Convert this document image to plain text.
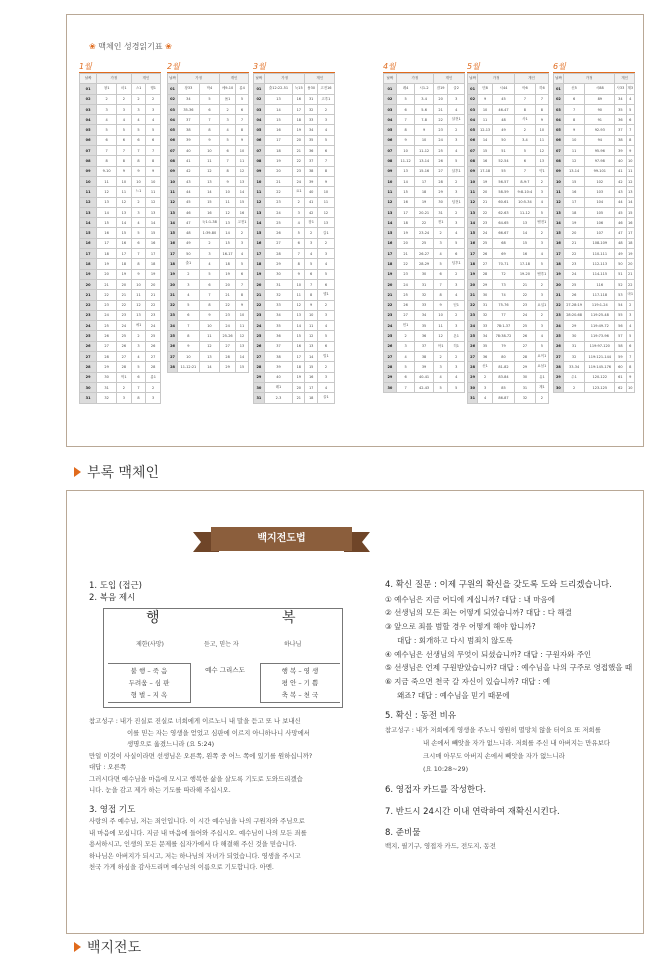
❀ 맥체인 성경읽기표 ❀
1월
날짜	가정		개인	
01	창1	마1	스1	행1
02	2	2	2	2
03	3	3	3	3
04	4	4	4	4
05	5	5	5	5
06	6	6	6	6
07	7	7	7	7
08	8	8	8	8
09	9-10	9	9	9
10	11	10	10	10
11	12	11	느1	11
12	13	12	2	12
13	14	13	3	13
14	15	14	4	14
15	16	15	5	15
16	17	16	6	16
17	18	17	7	17
18	19	18	8	18
19	20	19	9	19
20	21	20	10	20
21	22	21	11	21
22	23	22	12	22
23	24	23	13	23
24	25	24	에1	24
25	26	25	2	25
26	27	26	3	26
27	28	27	4	27
28	29	28	5	28
29	30	막1	6	롬1
30	31	2	7	2
31	32	3	8	3
2월
날짜	가정		개인	
01	창33	막4	에9-10	롬4
02	34	5	욥1	5
03	35-36	6	2	6
04	37	7	3	7
05	38	8	4	8
06	39	9	5	9
07	40	10	6	10
08	41	11	7	11
09	42	12	8	12
10	43	13	9	13
11	44	14	10	14
12	45	15	11	15
13	46	16	12	16
14	47	눅1:1-38	13	고전1
15	48	1:39-80	14	2
16	49	2	15	3
17	50	3	16-17	4
18	출1	4	18	5
19	2	5	19	6
20	3	6	20	7
21	4	7	21	8
22	5	8	22	9
23	6	9	23	10
24	7	10	24	11
25	8	11	25-26	12
26	9	12	27	13
27	10	13	28	14
28	11-12:21	14	29	15
3월
날짜	가정		개인	
01	출12:22-51	눅15	욥30	고전16
02	13	16	31	고후1
03	14	17	32	2
04	15	18	33	3
05	16	19	34	4
06	17	20	35	5
07	18	21	36	6
08	19	22	37	7
09	20	23	38	8
10	21	24	39	9
11	22	요1	40	10
12	23	2	41	11
13	24	3	42	12
14	25	4	잠1	13
15	26	5	2	갈1
16	27	6	3	2
17	28	7	4	3
18	29	8	5	4
19	30	9	6	5
20	31	10	7	6
21	32	11	8	엡1
22	33	12	9	2
23	34	13	10	3
24	35	14	11	4
25	36	15	12	5
26	37	16	13	6
27	38	17	14	빌1
28	39	18	15	2
29	40	19	16	3
30	레1	20	17	4
31	2-3	21	18	골1
4월
날짜	가정		개인	
01	레4	시1-2	잠19	골2
02	5	3-4	20	3
03	6	5-6	21	4
04	7	7-8	22	살전1
05	8	9	23	2
06	9	10	24	3
07	10	11-12	25	4
08	11-12	13-14	26	5
09	13	15-16	27	살후1
10	14	17	28	2
11	15	18	29	3
12	16	19	30	딤전1
13	17	20-21	31	2
14	18	22	전1	3
15	19	23-24	2	4
16	20	25	3	5
17	21	26-27	4	6
18	22	28-29	5	딤후1
19	23	30	6	2
20	24	31	7	3
21	25	32	8	4
22	26	33	9	딛1
23	27	34	10	2
24	민1	35	11	3
25	2	36	12	몬1
26	3	37	아1	히1
27	4	38	2	2
28	5	39	3	3
29	6	40-41	4	4
30	7	42-43	5	5
5월
날짜	가정		개인	
01	민8	시44	아6	히6
02	9	45	7	7
03	10	46-47	8	8
04	11	48	사1	9
05	12-13	49	2	10
06	14	50	3-4	11
07	15	51	5	12
08	16	52-54	6	13
09	17-18	55	7	약1
10	19	56-57	8-9:7	2
11	20	58-59	9:8-10:4	3
12	21	60-61	10:5-34	4
13	22	62-63	11-12	5
14	23	64-65	13	벧전1
15	24	66-67	14	2
16	25	68	15	3
17	26	69	16	4
18	27	70-71	17-18	5
19	28	72	19-20	벧후1
20	29	73	21	2
21	30	74	22	3
22	31	75-76	23	요일1
23	32	77	24	2
24	33	78:1-37	25	3
25	34	78:38-72	26	4
26	35	79	27	5
27	36	80	28	요이1
28	신1	81-82	29	요삼1
29	2	83-84	30	유1
30	3	85	31	계1
31	4	86-87	32	2
6월
날짜	가정		개인	
01	신5	시88	사33	계3
02	6	89	34	4
03	7	90	35	5
04	8	91	36	6
05	9	92-93	37	7
06	10	94	38	8
07	11	95-96	39	9
08	12	97-98	40	10
09	13-14	99-101	41	11
10	15	102	42	12
11	16	103	43	13
12	17	104	44	14
13	18	105	45	15
14	19	106	46	16
15	20	107	47	17
16	21	108-109	48	18
17	22	110-111	49	19
18	23	112-113	50	20
19	24	114-115	51	21
20	25	116	52	22
21	26	117-118	53	마1
22	27-28:19	119:1-24	54	2
23	28:20-68	119:25-48	55	3
24	29	119:49-72	56	4
25	30	119:73-96	57	5
26	31	119:97-120	58	6
27	32	119:121-144	59	7
28	33-34	119:145-176	60	8
29	수1	120-122	61	9
30	2	123-125	62	10
부록 맥체인
백지전도법
1. 도입 (접근)
2. 복음 제시
행	복
제한(사망)	듣고, 믿는 자	하나님
불 행 – 죽 음
두려움 – 심 판
형 벌 – 지 옥
예수 그리스도	행 복 – 영 생
평 안 – 기 쁨
축 복 – 천 국
참고성구 : 내가 진실로 진실로 너희에게 이르노니 내 말을 듣고 또 나 보내신
이를 믿는 자는 영생을 얻었고 심판에 이르지 아니하나니 사망에서
생명으로 옮겼느니라 (요 5:24)
만일 이것이 사실이라면 선생님은 오른쪽, 왼쪽 중 어느 쪽에 있기를 원하십니까?
대답 : 오른쪽
그러시다면 예수님을 마음에 모시고 행복한 삶을 살도록 기도로 도와드리겠습
니다. 눈을 감고 제가 하는 기도를 따라해 주십시오.
3. 영접 기도
사랑의 주 예수님, 저는 죄인입니다. 이 시간 예수님을 나의 구원자와 주님으로
내 마음에 모십니다. 지금 내 마음에 들어와 주십시오. 예수님이 나의 모든 죄를
용서하시고, 인생의 모든 문제를 십자가에서 다 해결해 주신 것을 믿습니다.
하나님은 아버지가 되시고, 저는 하나님의 자녀가 되었습니다. 영생을 주시고
천국 가게 하심을 감사드리며 예수님의 이름으로 기도합니다. 아멘.
4. 확신 질문 : 이제 구원의 확신을 갖도록 도와 드리겠습니다.
① 예수님은 지금 어디에 계십니까? 대답 : 내 마음에
② 선생님의 모든 죄는 어떻게 되었습니까? 대답 : 다 해결
③ 앞으로 죄를 범할 경우 어떻게 해야 합니까?
대답 : 회개하고 다시 범죄치 않도록
④ 예수님은 선생님의 무엇이 되셨습니까? 대답 : 구원자와 주인
⑤ 선생님은 언제 구원받았습니까? 대답 : 예수님을 나의 구주로 영접했을 때
⑥ 지금 죽으면 천국 갈 자신이 있습니까? 대답 : 예
왜죠? 대답 : 예수님을 믿기 때문에
5. 확신 : 동전 비유
참고성구 : 내가 저희에게 영생을 주노니 영원히 멸망치 않을 터이요 또 저희를
내 손에서 빼앗을 자가 없느니라. 저희를 주신 내 아버지는 만유보다
크시매 아무도 아버지 손에서 빼앗을 자가 없느니라
(요 10:28~29)
6. 영접자 카드를 작성한다.
7. 반드시 24시간 이내 연락하여 재확신시킨다.
8. 준비물
백지, 필기구, 영접자 카드, 전도지, 동전
백지전도
